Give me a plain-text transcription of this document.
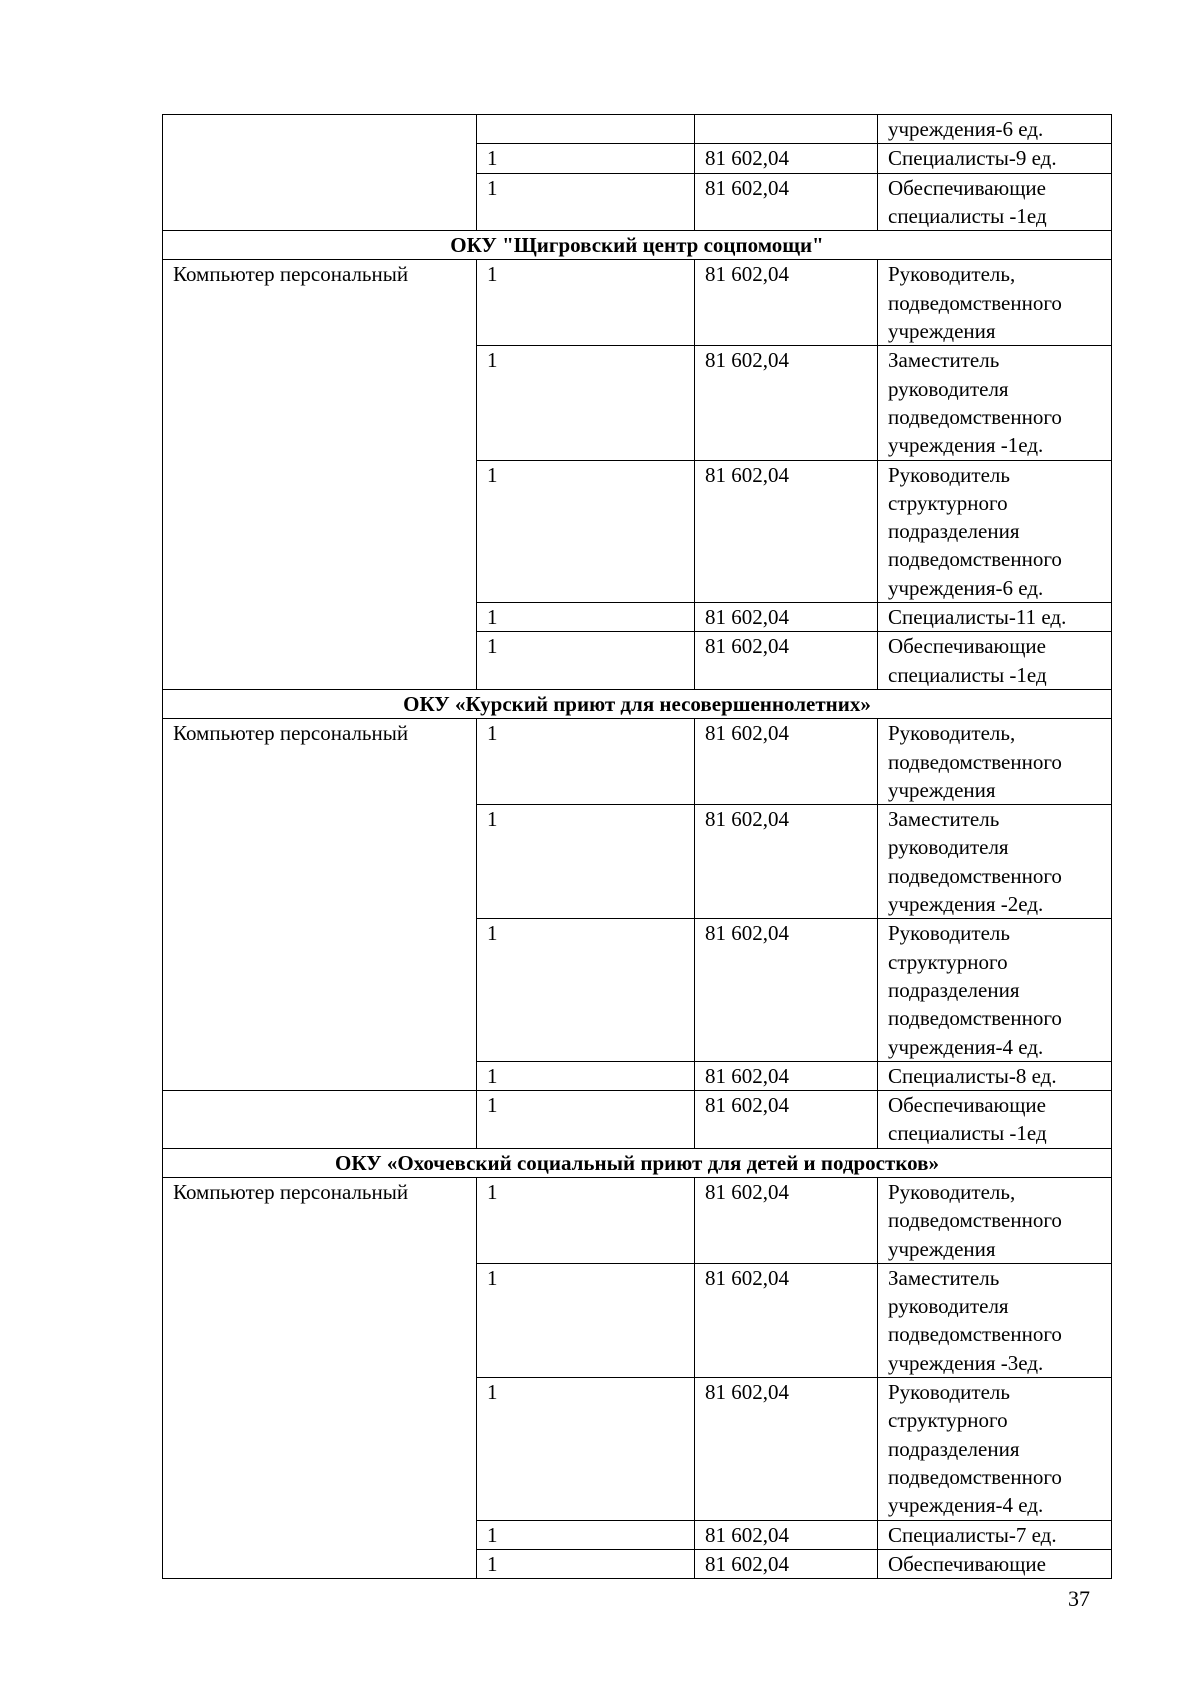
			учреждения-6 ед.
	1	81 602,04	Специалисты-9 ед.
	1	81 602,04	Обеспечивающие специалисты -1ед
ОКУ "Щигровский центр соцпомощи"			
Компьютер персональный	1	81 602,04	Руководитель, подведомственного учреждения
	1	81 602,04	Заместитель руководителя подведомственного учреждения -1ед.
	1	81 602,04	Руководитель структурного подразделения подведомственного учреждения-6 ед.
	1	81 602,04	Специалисты-11 ед.
	1	81 602,04	Обеспечивающие специалисты -1ед
ОКУ «Курский приют для несовершеннолетних»			
Компьютер персональный	1	81 602,04	Руководитель, подведомственного учреждения
	1	81 602,04	Заместитель руководителя подведомственного учреждения -2ед.
	1	81 602,04	Руководитель структурного подразделения подведомственного учреждения-4 ед.
	1	81 602,04	Специалисты-8 ед.
	1	81 602,04	Обеспечивающие специалисты -1ед
ОКУ «Охочевский социальный приют для детей и подростков»			
Компьютер персональный	1	81 602,04	Руководитель, подведомственного учреждения
	1	81 602,04	Заместитель руководителя подведомственного учреждения -3ед.
	1	81 602,04	Руководитель структурного подразделения подведомственного учреждения-4 ед.
	1	81 602,04	Специалисты-7 ед.
	1	81 602,04	Обеспечивающие
37
